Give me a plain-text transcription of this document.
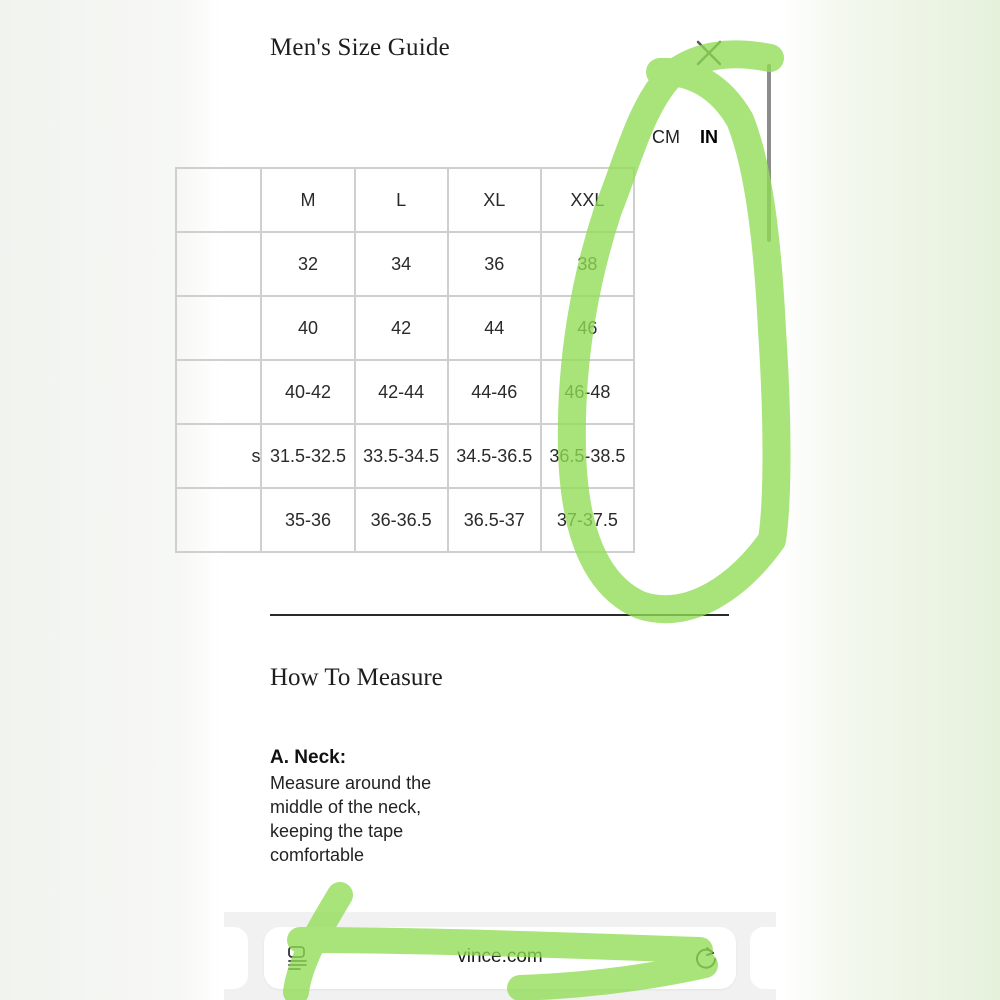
Men's Size Guide
CM IN
	M	L	XL	XXL
	32	34	36	38
	40	42	44	46
	40-42	42-44	44-46	46-48
s	31.5-32.5	33.5-34.5	34.5-36.5	36.5-38.5
	35-36	36-36.5	36.5-37	37-37.5
How To Measure
A. Neck:
Measure around the middle of the neck, keeping the tape comfortable
vince.com
